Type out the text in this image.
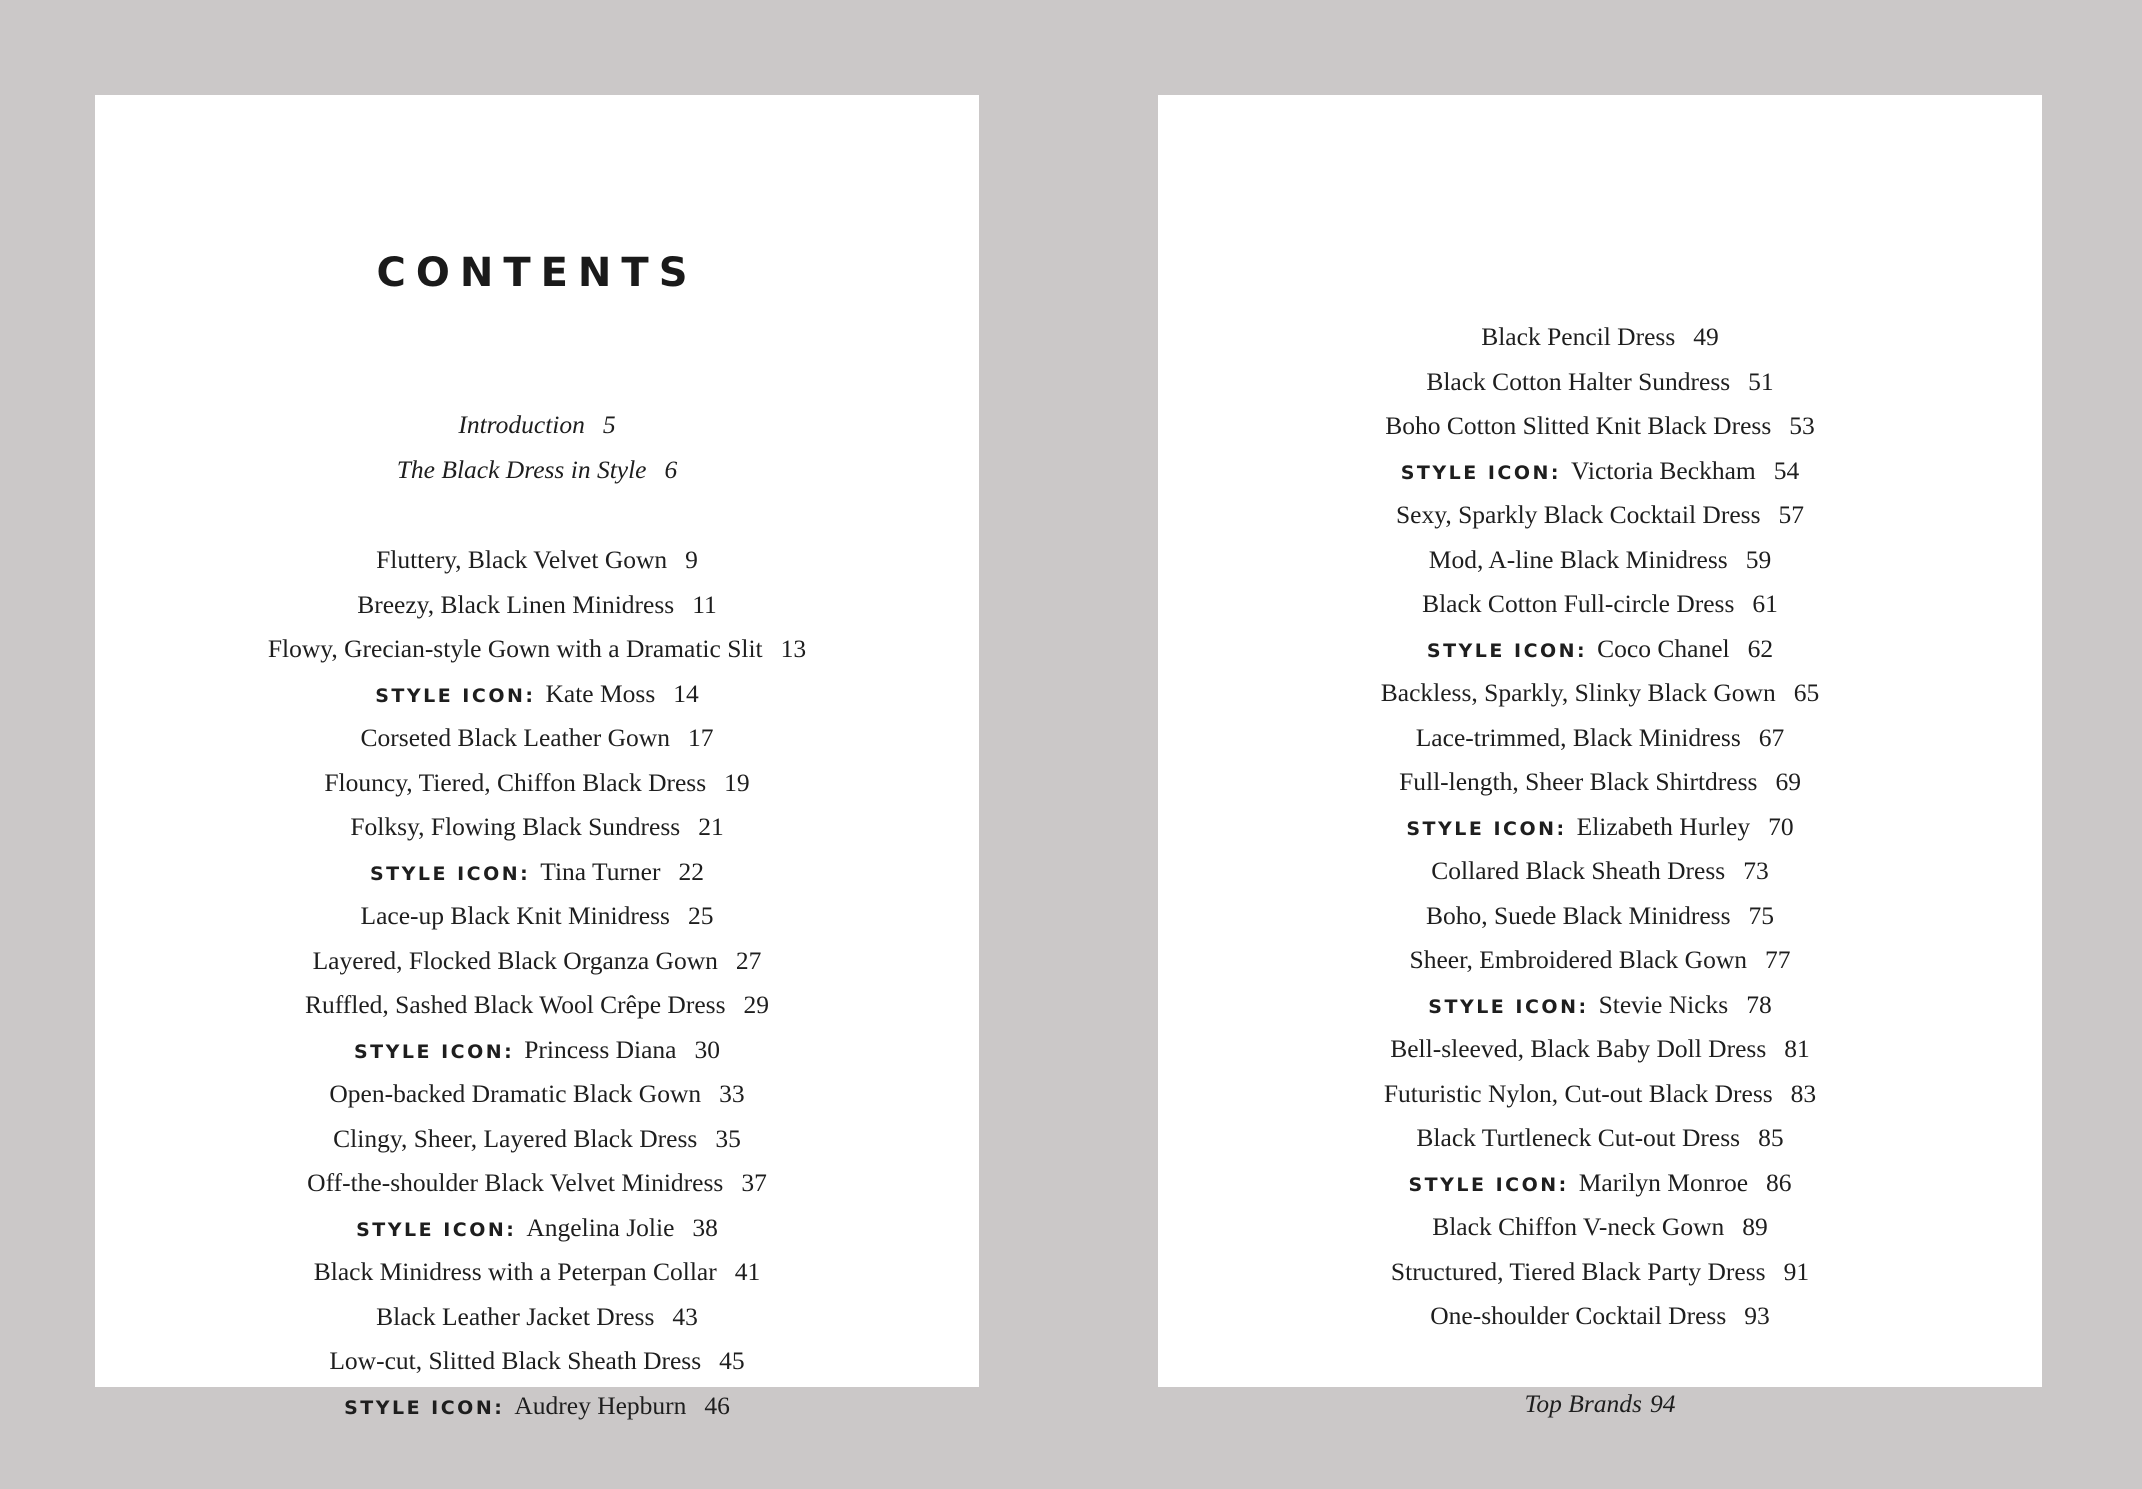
CONTENTS
Introduction 5
The Black Dress in Style 6
Fluttery, Black Velvet Gown 9
Breezy, Black Linen Minidress 11
Flowy, Grecian-style Gown with a Dramatic Slit 13
STYLE ICON: Kate Moss 14
Corseted Black Leather Gown 17
Flouncy, Tiered, Chiffon Black Dress 19
Folksy, Flowing Black Sundress 21
STYLE ICON: Tina Turner 22
Lace-up Black Knit Minidress 25
Layered, Flocked Black Organza Gown 27
Ruffled, Sashed Black Wool Crêpe Dress 29
STYLE ICON: Princess Diana 30
Open-backed Dramatic Black Gown 33
Clingy, Sheer, Layered Black Dress 35
Off-the-shoulder Black Velvet Minidress 37
STYLE ICON: Angelina Jolie 38
Black Minidress with a Peterpan Collar 41
Black Leather Jacket Dress 43
Low-cut, Slitted Black Sheath Dress 45
STYLE ICON: Audrey Hepburn 46
Black Pencil Dress 49
Black Cotton Halter Sundress 51
Boho Cotton Slitted Knit Black Dress 53
STYLE ICON: Victoria Beckham 54
Sexy, Sparkly Black Cocktail Dress 57
Mod, A-line Black Minidress 59
Black Cotton Full-circle Dress 61
STYLE ICON: Coco Chanel 62
Backless, Sparkly, Slinky Black Gown 65
Lace-trimmed, Black Minidress 67
Full-length, Sheer Black Shirtdress 69
STYLE ICON: Elizabeth Hurley 70
Collared Black Sheath Dress 73
Boho, Suede Black Minidress 75
Sheer, Embroidered Black Gown 77
STYLE ICON: Stevie Nicks 78
Bell-sleeved, Black Baby Doll Dress 81
Futuristic Nylon, Cut-out Black Dress 83
Black Turtleneck Cut-out Dress 85
STYLE ICON: Marilyn Monroe 86
Black Chiffon V-neck Gown 89
Structured, Tiered Black Party Dress 91
One-shoulder Cocktail Dress 93
Top Brands 94
